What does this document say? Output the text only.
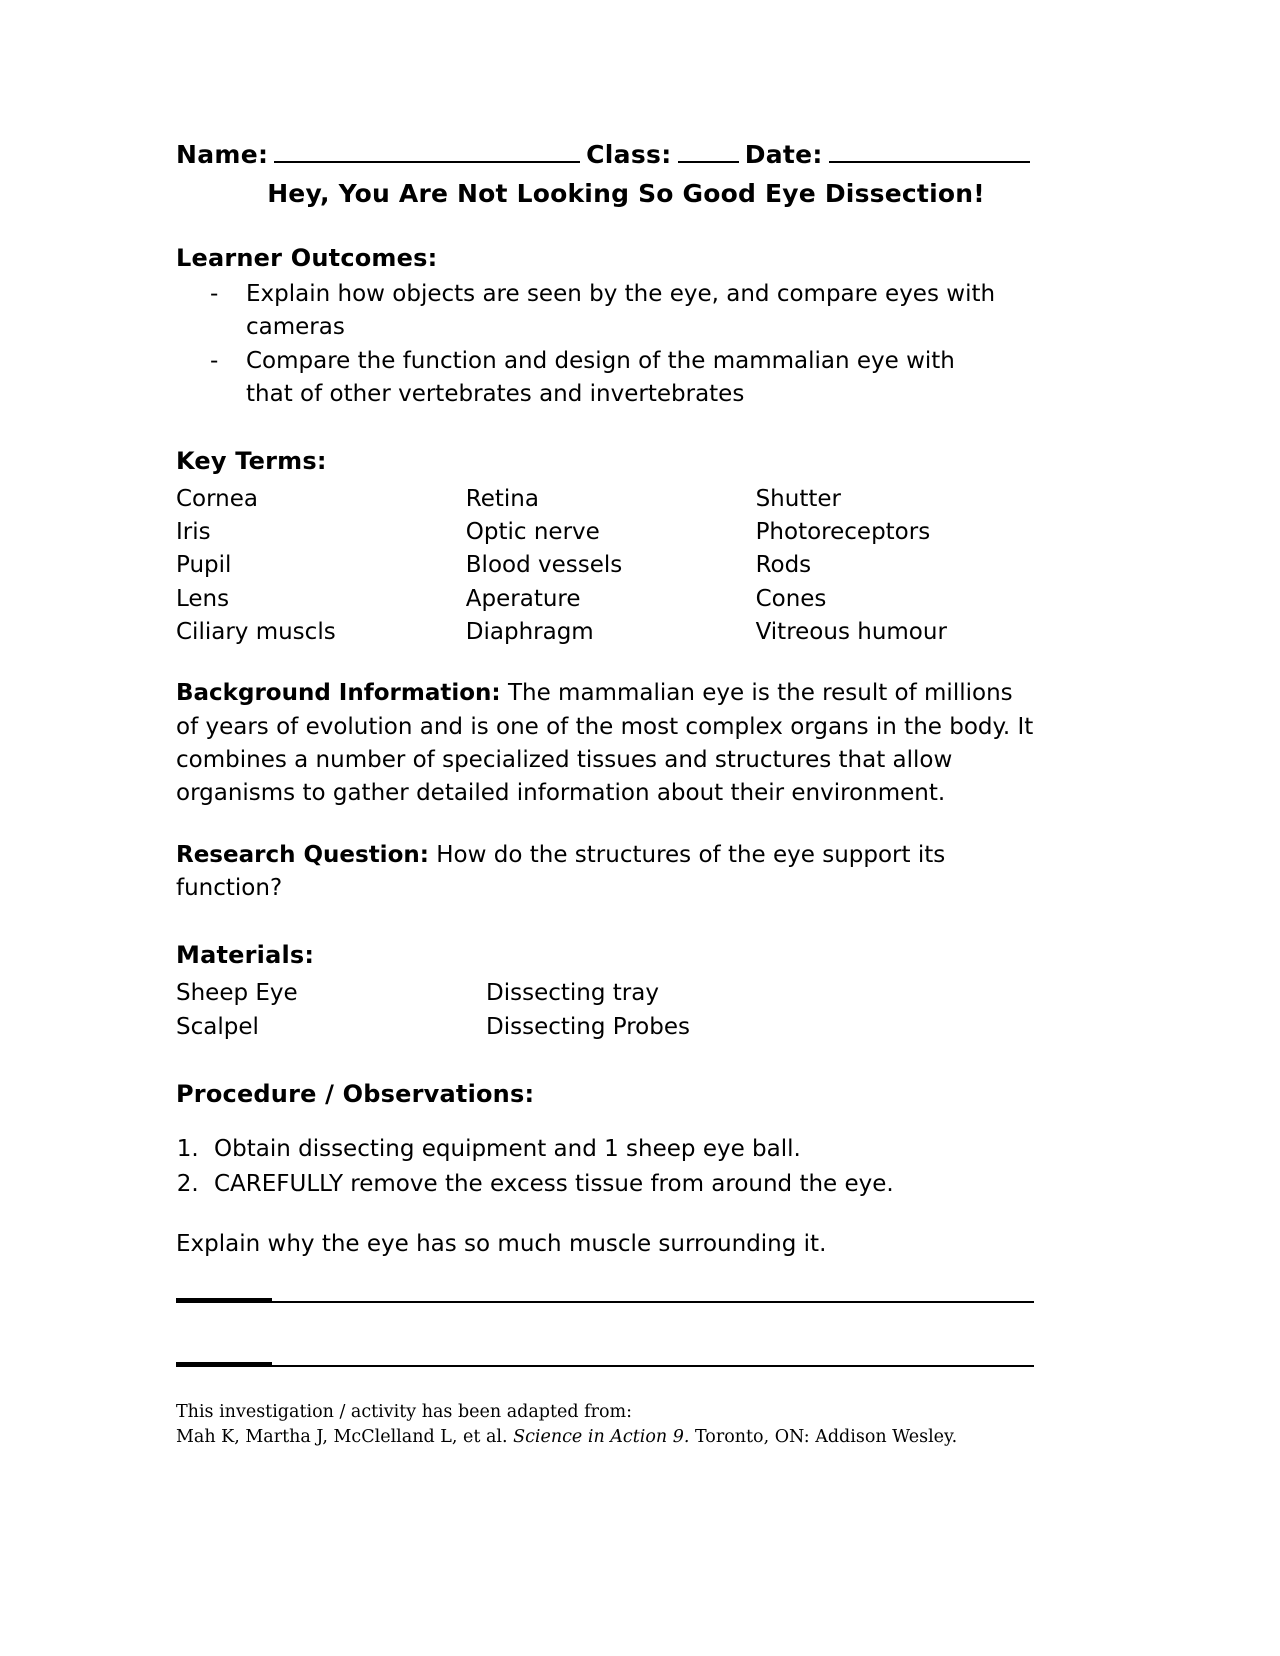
Name:	Class:	Date:
Hey, You Are Not Looking So Good Eye Dissection!
Learner Outcomes:
-	Explain how objects are seen by the eye, and compare eyes with cameras
-	Compare the function and design of the mammalian eye with that of other vertebrates and invertebrates
Key Terms:
Cornea	Retina	Shutter
Iris	Optic nerve	Photoreceptors
Pupil	Blood vessels	Rods
Lens	Aperature	Cones
Ciliary muscls	Diaphragm	Vitreous humour

Background Information: The mammalian eye is the result of millions of years of evolution and is one of the most complex organs in the body. It combines a number of specialized tissues and structures that allow organisms to gather detailed information about their environment.

Research Question: How do the structures of the eye support its function?

Materials:
Sheep Eye	Dissecting tray
Scalpel	Dissecting Probes
Procedure / Observations:
1. Obtain dissecting equipment and 1 sheep eye ball.
2. CAREFULLY remove the excess tissue from around the eye.
Explain why the eye has so much muscle surrounding it.
This investigation / activity has been adapted from:
Mah K, Martha J, McClelland L, et al. Science in Action 9. Toronto, ON: Addison Wesley.
